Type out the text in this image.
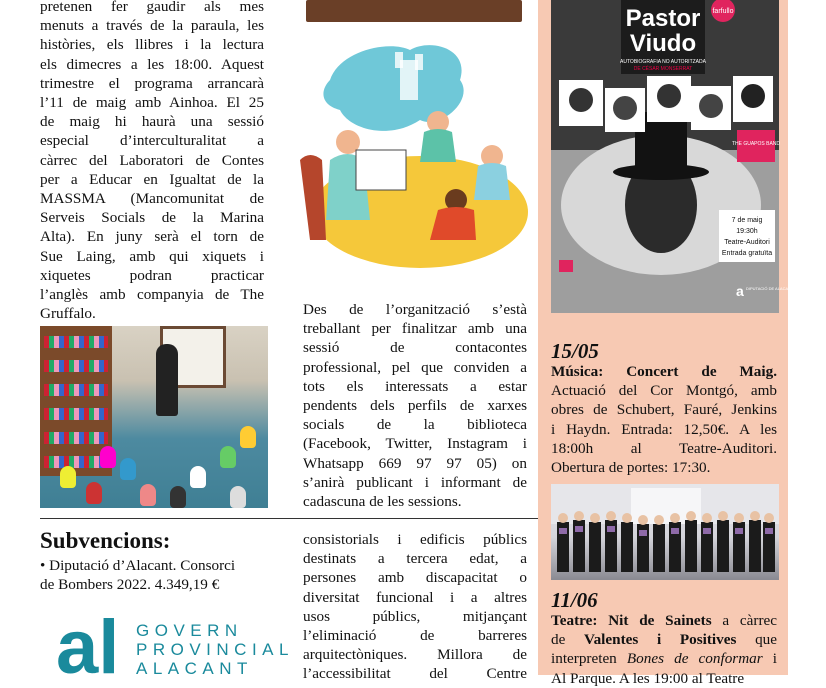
pretenen fer gaudir als mes
menuts a través de la paraula, les
històries, els llibres i la lectura
els dimecres a les 18:00. Aquest
trimestre el programa arrancarà
l’11 de maig amb Ainhoa. El 25
de maig hi haurà una sessió
especial d’interculturalitat a
càrrec del Laboratori de Contes
per a Educar en Igualtat de la
MASSMA (Mancomunitat de
Serveis Socials de la Marina
Alta). En juny serà el torn de
Sue Laing, amb qui xiquets i
xiquetes podran practicar
l’anglès amb companyia de The
Gruffalo.
Subvencions:
• Diputació d’Alacant. Consorci
de Bombers 2022. 4.349,19 €
al GOVERN
PROVINCIAL
ALACANT
Des de l’organització s’està
treballant per finalitzar amb una
sessió de contacontes
professional, pel que conviden a
tots els interessats a estar
pendents dels perfils de xarxes
socials de la biblioteca
(Facebook, Twitter, Instagram i
Whatsapp 669 97 97 05) on
s’anirà publicant i informant de
cadascuna de les sessions.
consistorials i edificis públics
destinats a tercera edat, a
persones amb discapacitat o
diversitat funcional i a altres
usos públics, mitjançant
l’eliminació de barreres
arquitectòniques. Millora de
l’accessibilitat del Centre
Pastor
Viudo
AUTOBIOGRAFIA NO AUTORITZADA
DE CÉSAR MONSERRAT
farfullo
THE GUAPOS BAND
7 de maig
19:30h
Teatre-Auditori
Entrada gratuïta
a DIPUTACIÓ DE ALACANT
15/05
Música: Concert de Maig.
Actuació del Cor Montgó, amb
obres de Schubert, Fauré, Jenkins
i Haydn. Entrada: 12,50€. A les
18:00h al Teatre-Auditori.
Obertura de portes: 17:30.
11/06
Teatre: Nit de Sainets a càrrec
de Valentes i Positives que
interpreten Bones de conformar i
Al Parque. A les 19:00 al Teatre
